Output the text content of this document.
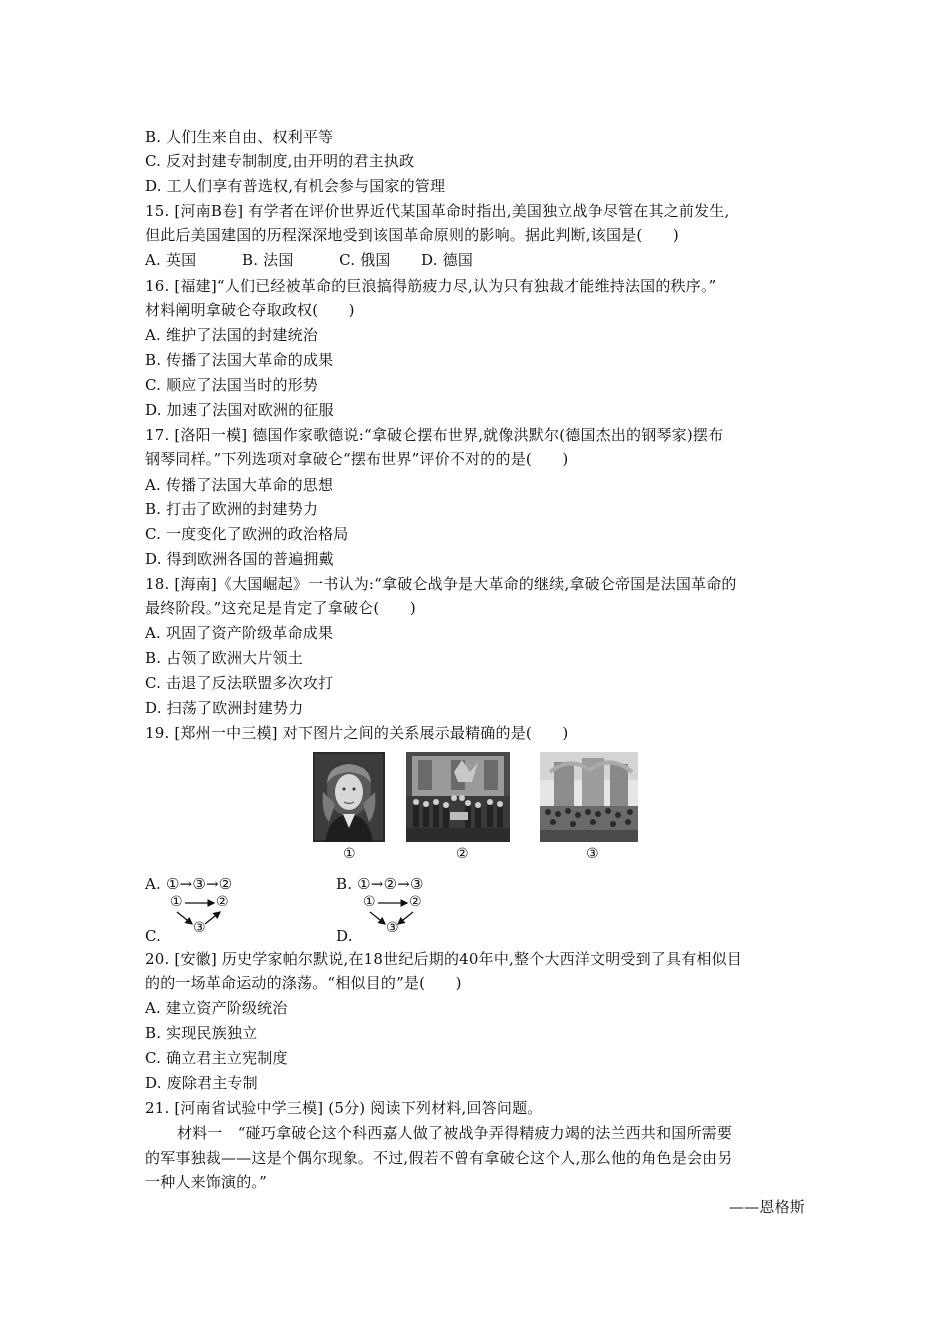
B. 人们生来自由、权利平等
C. 反对封建专制制度,由开明的君主执政
D. 工人们享有普选权,有机会参与国家的管理
15. [河南B卷] 有学者在评价世界近代某国革命时指出,美国独立战争尽管在其之前发生,
但此后美国建国的历程深深地受到该国革命原则的影响。据此判断,该国是(　　)
A. 英国　　　B. 法国　　　C. 俄国　　D. 德国
16. [福建]“人们已经被革命的巨浪搞得筋疲力尽,认为只有独裁才能维持法国的秩序。”
材料阐明拿破仑夺取政权(　　)
A. 维护了法国的封建统治
B. 传播了法国大革命的成果
C. 顺应了法国当时的形势
D. 加速了法国对欧洲的征服
17. [洛阳一模] 德国作家歌德说:“拿破仑摆布世界,就像洪默尔(德国杰出的钢琴家)摆布
钢琴同样。”下列选项对拿破仑“摆布世界”评价不对的的是(　　)
A. 传播了法国大革命的思想
B. 打击了欧洲的封建势力
C. 一度变化了欧洲的政治格局
D. 得到欧洲各国的普遍拥戴
18. [海南]《大国崛起》一书认为:“拿破仑战争是大革命的继续,拿破仑帝国是法国革命的
最终阶段。”这充足是肯定了拿破仑(　　)
A. 巩固了资产阶级革命成果
B. 占领了欧洲大片领土
C. 击退了反法联盟多次攻打
D. 扫荡了欧洲封建势力
19. [郑州一中三模] 对下图片之间的关系展示最精确的是(　　)
①	②	③
A. ①→③→②	B. ①→②→③
C.
① ②
③	D.
① ②
③
20. [安徽] 历史学家帕尔默说,在18世纪后期的40年中,整个大西洋文明受到了具有相似目
的的一场革命运动的涤荡。“相似目的”是(　　)
A. 建立资产阶级统治
B. 实现民族独立
C. 确立君主立宪制度
D. 废除君主专制
21. [河南省试验中学三模] (5分) 阅读下列材料,回答问题。
材料一　“碰巧拿破仑这个科西嘉人做了被战争弄得精疲力竭的法兰西共和国所需要
的军事独裁——这是个偶尔现象。不过,假若不曾有拿破仑这个人,那么他的角色是会由另
一种人来饰演的。”
——恩格斯
